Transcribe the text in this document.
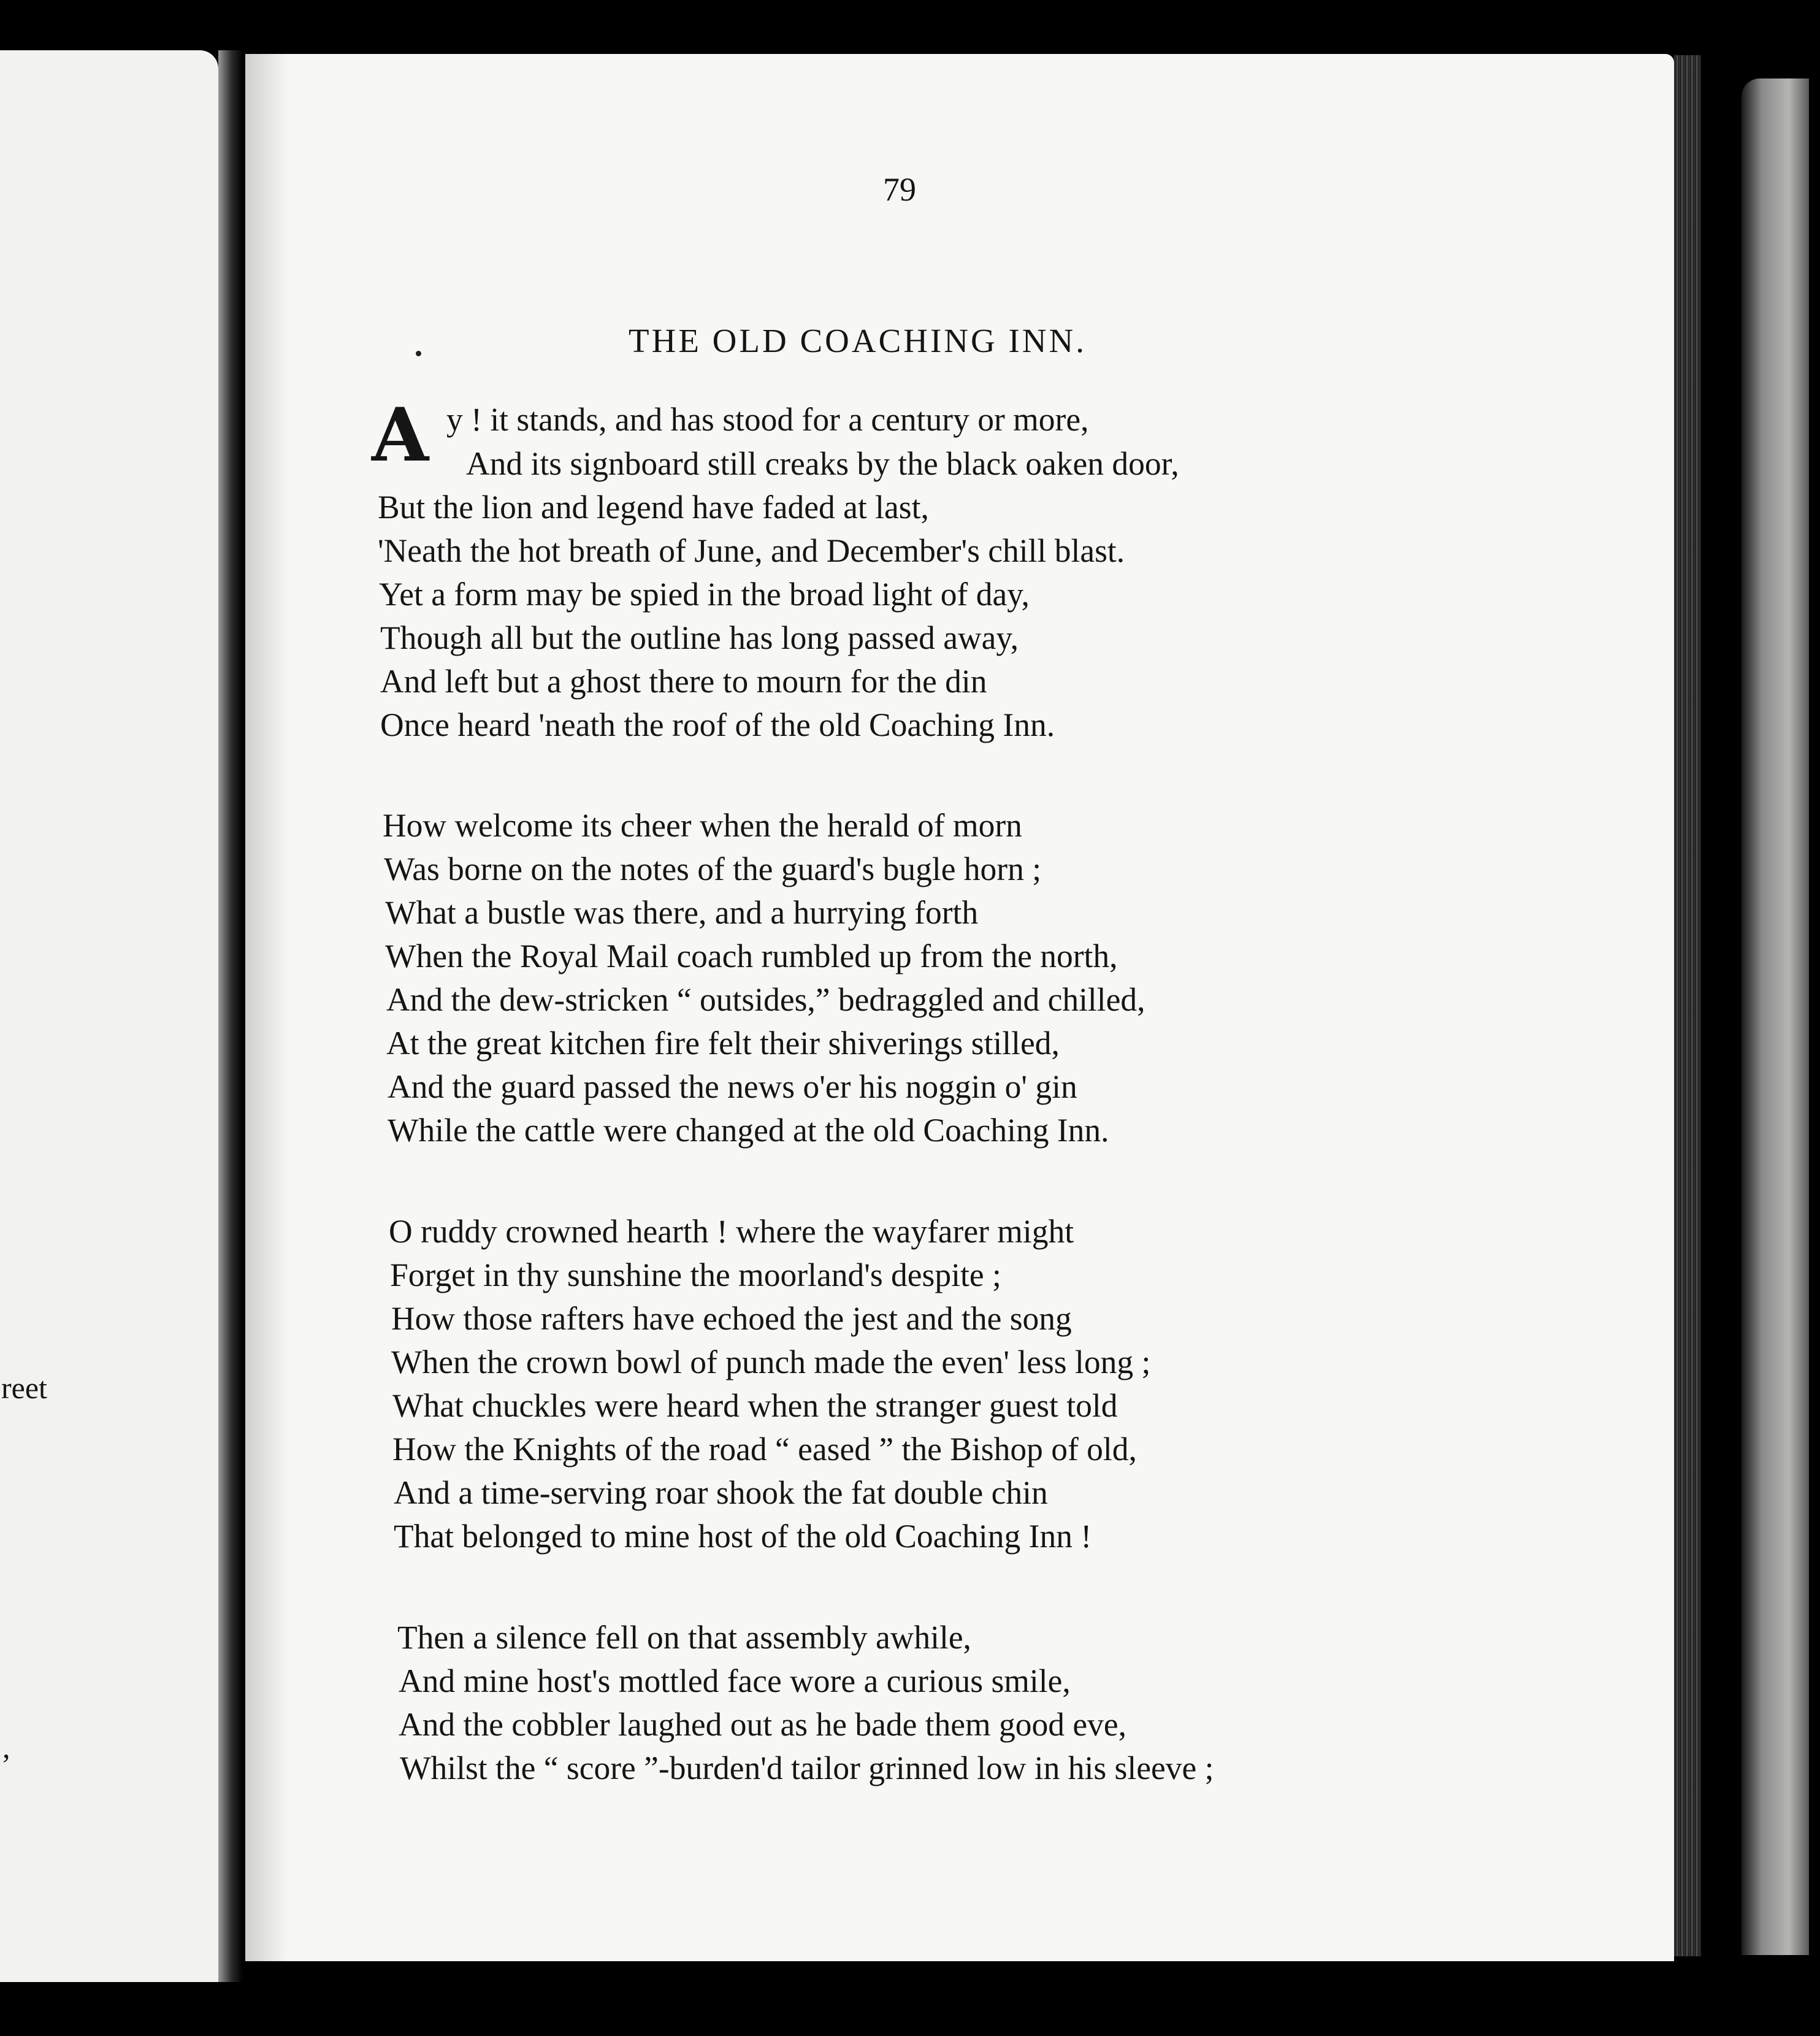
reet
,
79
THE OLD COACHING INN.
A y ! it stands, and has stood for a century or more,
And its signboard still creaks by the black oaken door,
But the lion and legend have faded at last,
'Neath the hot breath of June, and December's chill blast.
Yet a form may be spied in the broad light of day,
Though all but the outline has long passed away,
And left but a ghost there to mourn for the din
Once heard 'neath the roof of the old Coaching Inn.
How welcome its cheer when the herald of morn
Was borne on the notes of the guard's bugle horn ;
What a bustle was there, and a hurrying forth
When the Royal Mail coach rumbled up from the north,
And the dew-stricken “ outsides,” bedraggled and chilled,
At the great kitchen fire felt their shiverings stilled,
And the guard passed the news o'er his noggin o' gin
While the cattle were changed at the old Coaching Inn.
O ruddy crowned hearth ! where the wayfarer might
Forget in thy sunshine the moorland's despite ;
How those rafters have echoed the jest and the song
When the crown bowl of punch made the even' less long ;
What chuckles were heard when the stranger guest told
How the Knights of the road “ eased ” the Bishop of old,
And a time-serving roar shook the fat double chin
That belonged to mine host of the old Coaching Inn !
Then a silence fell on that assembly awhile,
And mine host's mottled face wore a curious smile,
And the cobbler laughed out as he bade them good eve,
Whilst the “ score ”-burden'd tailor grinned low in his sleeve ;
